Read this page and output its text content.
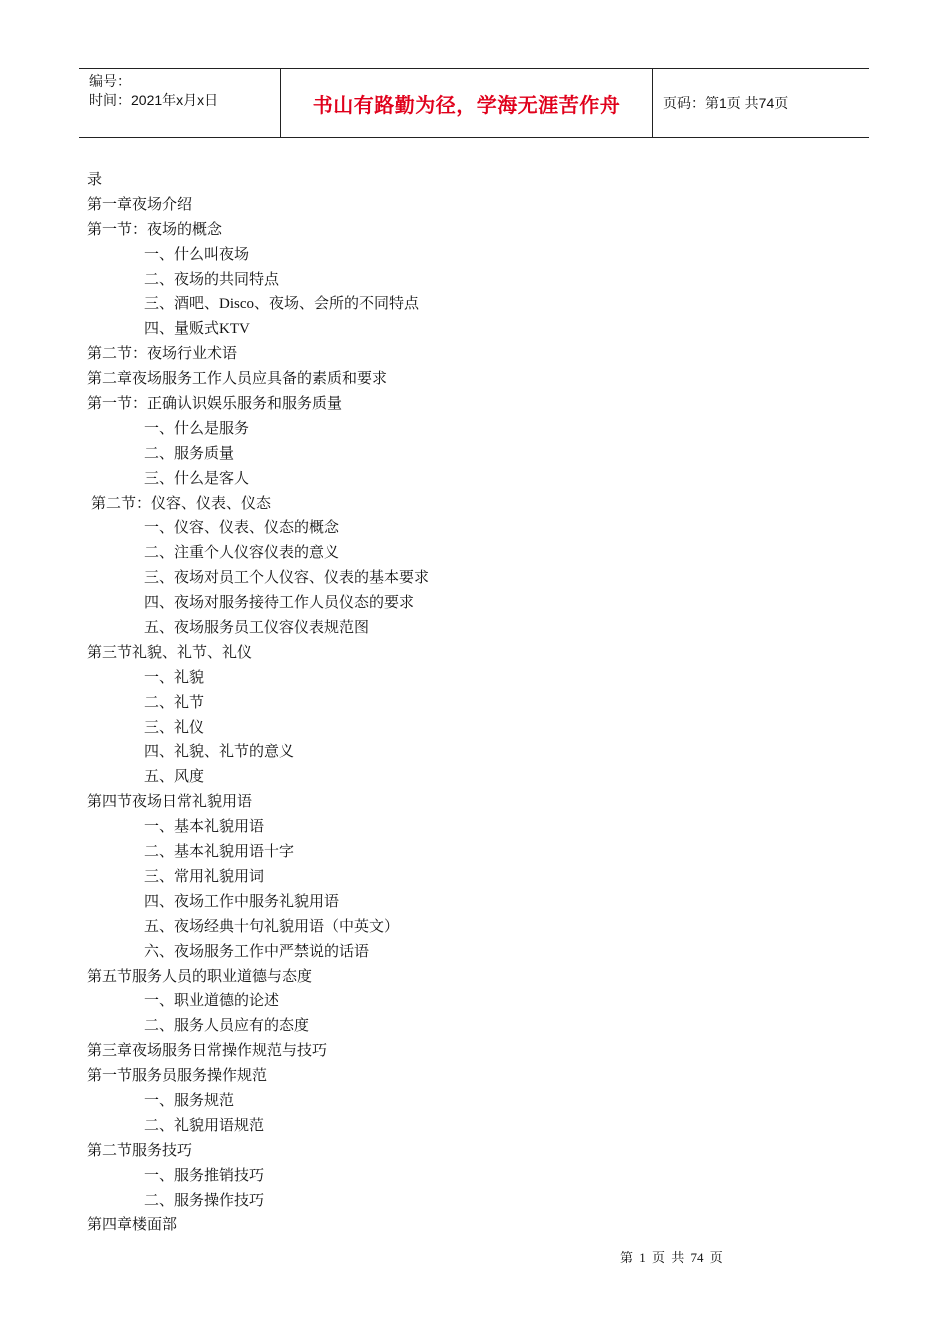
编号：
时间：2021年x月x日	书山有路勤为径，学海无涯苦作舟	页码：第1页 共74页
录
第一章夜场介绍
第一节：夜场的概念
一、什么叫夜场
二、夜场的共同特点
三、酒吧、Disco、夜场、会所的不同特点
四、量贩式KTV
第二节：夜场行业术语
第二章夜场服务工作人员应具备的素质和要求
第一节：正确认识娱乐服务和服务质量
一、什么是服务
二、服务质量
三、什么是客人
第二节：仪容、仪表、仪态
一、仪容、仪表、仪态的概念
二、注重个人仪容仪表的意义
三、夜场对员工个人仪容、仪表的基本要求
四、夜场对服务接待工作人员仪态的要求
五、夜场服务员工仪容仪表规范图
第三节礼貌、礼节、礼仪
一、礼貌
二、礼节
三、礼仪
四、礼貌、礼节的意义
五、风度
第四节夜场日常礼貌用语
一、基本礼貌用语
二、基本礼貌用语十字
三、常用礼貌用词
四、夜场工作中服务礼貌用语
五、夜场经典十句礼貌用语（中英文）
六、夜场服务工作中严禁说的话语
第五节服务人员的职业道德与态度
一、职业道德的论述
二、服务人员应有的态度
第三章夜场服务日常操作规范与技巧
第一节服务员服务操作规范
一、服务规范
二、礼貌用语规范
第二节服务技巧
一、服务推销技巧
二、服务操作技巧
第四章楼面部
第 1 页 共 74 页
